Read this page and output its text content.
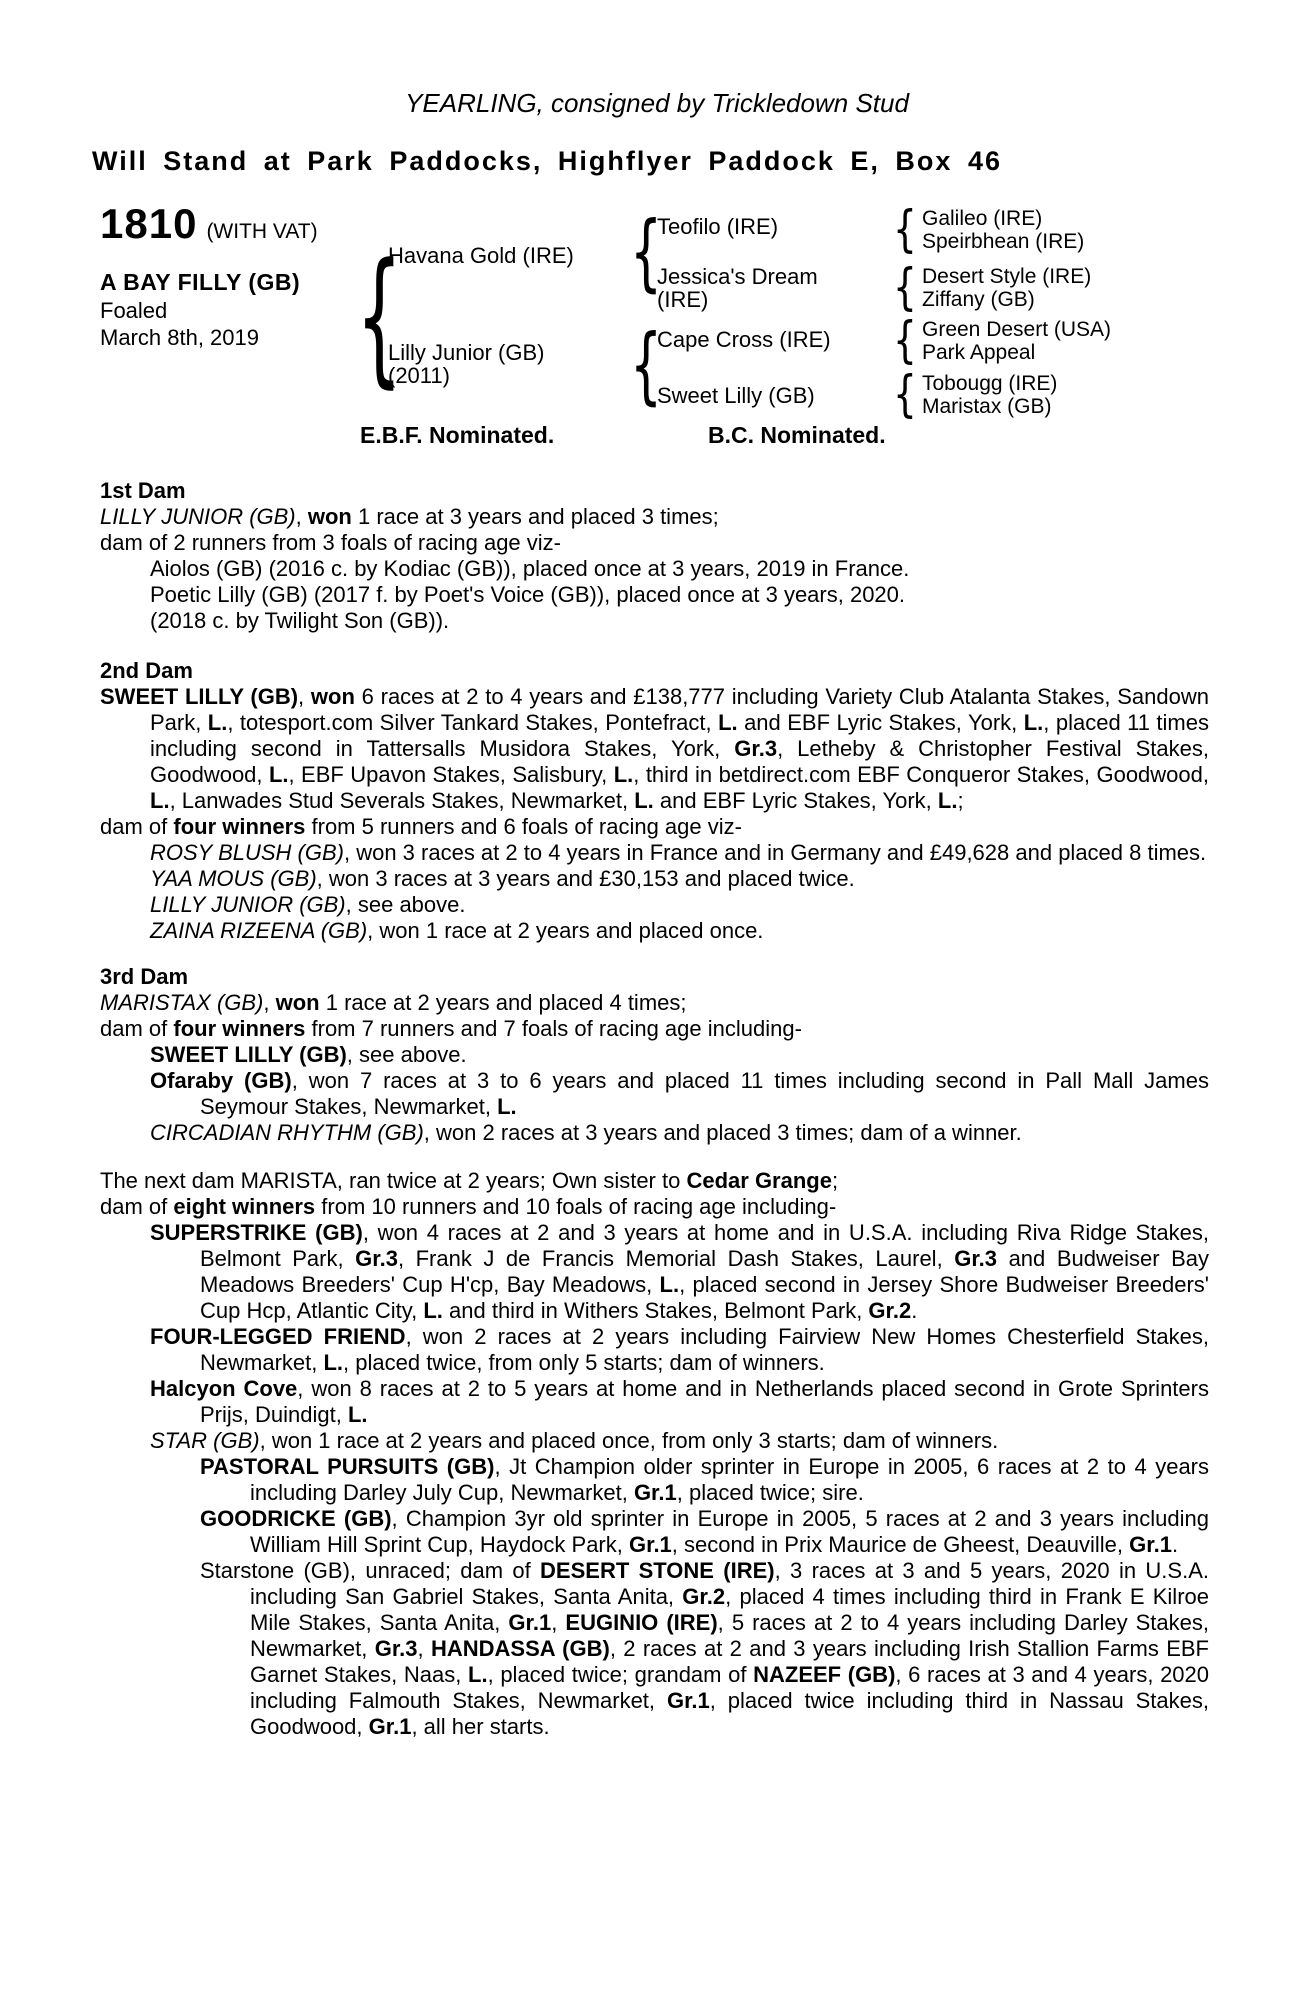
YEARLING, consigned by Trickledown Stud
Will Stand at Park Paddocks, Highflyer Paddock E, Box 46
1810 (WITH VAT)
A BAY FILLY (GB)
Foaled
March 8th, 2019 {
Havana Gold (IRE)
Lilly Junior (GB)
(2011)
{
{
Teofilo (IRE)
Jessica's Dream
(IRE)
Cape Cross (IRE)
Sweet Lilly (GB)
{
{
{
{
Galileo (IRE)
Speirbhean (IRE)
Desert Style (IRE)
Ziffany (GB)
Green Desert (USA)
Park Appeal
Tobougg (IRE)
Maristax (GB)
E.B.F. Nominated.	B.C. Nominated.

1st Dam

LILLY JUNIOR (GB), won 1 race at 3 years and placed 3 times;

dam of 2 runners from 3 foals of racing age viz-

Aiolos (GB) (2016 c. by Kodiac (GB)), placed once at 3 years, 2019 in France.

Poetic Lilly (GB) (2017 f. by Poet's Voice (GB)), placed once at 3 years, 2020.

(2018 c. by Twilight Son (GB)).

2nd Dam

SWEET LILLY (GB), won 6 races at 2 to 4 years and £138,777 including Variety Club Atalanta Stakes, Sandown Park, L., totesport.com Silver Tankard Stakes, Pontefract, L. and EBF Lyric Stakes, York, L., placed 11 times including second in Tattersalls Musidora Stakes, York, Gr.3, Letheby & Christopher Festival Stakes, Goodwood, L., EBF Upavon Stakes, Salisbury, L., third in betdirect.com EBF Conqueror Stakes, Goodwood, L., Lanwades Stud Severals Stakes, Newmarket, L. and EBF Lyric Stakes, York, L.;

dam of four winners from 5 runners and 6 foals of racing age viz-

ROSY BLUSH (GB), won 3 races at 2 to 4 years in France and in Germany and £49,628 and placed 8 times.

YAA MOUS (GB), won 3 races at 3 years and £30,153 and placed twice.

LILLY JUNIOR (GB), see above.

ZAINA RIZEENA (GB), won 1 race at 2 years and placed once.

3rd Dam

MARISTAX (GB), won 1 race at 2 years and placed 4 times;

dam of four winners from 7 runners and 7 foals of racing age including-

SWEET LILLY (GB), see above.

Ofaraby (GB), won 7 races at 3 to 6 years and placed 11 times including second in Pall Mall James Seymour Stakes, Newmarket, L.

CIRCADIAN RHYTHM (GB), won 2 races at 3 years and placed 3 times; dam of a winner.

The next dam MARISTA, ran twice at 2 years; Own sister to Cedar Grange;

dam of eight winners from 10 runners and 10 foals of racing age including-

SUPERSTRIKE (GB), won 4 races at 2 and 3 years at home and in U.S.A. including Riva Ridge Stakes, Belmont Park, Gr.3, Frank J de Francis Memorial Dash Stakes, Laurel, Gr.3 and Budweiser Bay Meadows Breeders' Cup H'cp, Bay Meadows, L., placed second in Jersey Shore Budweiser Breeders' Cup Hcp, Atlantic City, L. and third in Withers Stakes, Belmont Park, Gr.2.

FOUR-LEGGED FRIEND, won 2 races at 2 years including Fairview New Homes Chesterfield Stakes, Newmarket, L., placed twice, from only 5 starts; dam of winners.

Halcyon Cove, won 8 races at 2 to 5 years at home and in Netherlands placed second in Grote Sprinters Prijs, Duindigt, L.

STAR (GB), won 1 race at 2 years and placed once, from only 3 starts; dam of winners.

PASTORAL PURSUITS (GB), Jt Champion older sprinter in Europe in 2005, 6 races at 2 to 4 years including Darley July Cup, Newmarket, Gr.1, placed twice; sire.

GOODRICKE (GB), Champion 3yr old sprinter in Europe in 2005, 5 races at 2 and 3 years including William Hill Sprint Cup, Haydock Park, Gr.1, second in Prix Maurice de Gheest, Deauville, Gr.1.

Starstone (GB), unraced; dam of DESERT STONE (IRE), 3 races at 3 and 5 years, 2020 in U.S.A. including San Gabriel Stakes, Santa Anita, Gr.2, placed 4 times including third in Frank E Kilroe Mile Stakes, Santa Anita, Gr.1, EUGINIO (IRE), 5 races at 2 to 4 years including Darley Stakes, Newmarket, Gr.3, HANDASSA (GB), 2 races at 2 and 3 years including Irish Stallion Farms EBF Garnet Stakes, Naas, L., placed twice; grandam of NAZEEF (GB), 6 races at 3 and 4 years, 2020 including Falmouth Stakes, Newmarket, Gr.1, placed twice including third in Nassau Stakes, Goodwood, Gr.1, all her starts.
